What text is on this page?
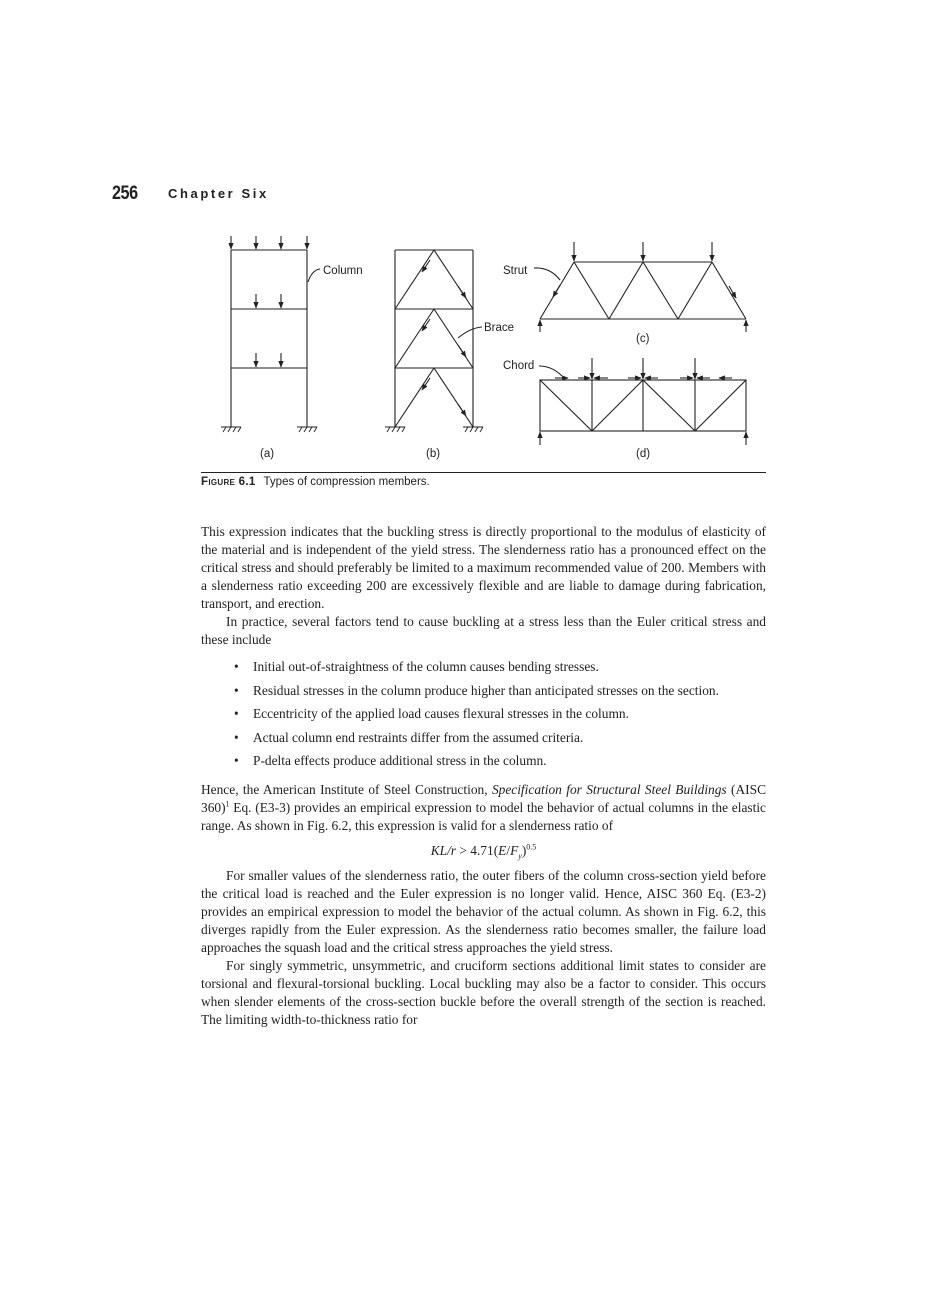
256 Chapter Six
Column
Brace
Strut
Chord
(a)	(b)
(c)
(d)
Figure 6.1 Types of compression members.

This expression indicates that the buckling stress is directly proportional to the modulus of elasticity of the material and is independent of the yield stress. The slenderness ratio has a pronounced effect on the critical stress and should preferably be limited to a maximum recommended value of 200. Members with a slenderness ratio exceeding 200 are excessively flexible and are liable to damage during fabrication, transport, and erection.

In practice, several factors tend to cause buckling at a stress less than the Euler critical stress and these include

• Initial out-of-straightness of the column causes bending stresses.
• Residual stresses in the column produce higher than anticipated stresses on the section.
• Eccentricity of the applied load causes flexural stresses in the column.
• Actual column end restraints differ from the assumed criteria.
• P-delta effects produce additional stress in the column.

Hence, the American Institute of Steel Construction, Specification for Structural Steel Buildings (AISC 360)$^1$ Eq. (E3-3) provides an empirical expression to model the behavior of actual columns in the elastic range. As shown in Fig. 6.2, this expression is valid for a slenderness ratio of

$KL/r > 4.71(E/F_y)^{0.5}$

For smaller values of the slenderness ratio, the outer fibers of the column cross-section yield before the critical load is reached and the Euler expression is no longer valid. Hence, AISC 360 Eq. (E3-2) provides an empirical expression to model the behavior of the actual column. As shown in Fig. 6.2, this diverges rapidly from the Euler expression. As the slenderness ratio becomes smaller, the failure load approaches the squash load and the critical stress approaches the yield stress.

For singly symmetric, unsymmetric, and cruciform sections additional limit states to consider are torsional and flexural-torsional buckling. Local buckling may also be a factor to consider. This occurs when slender elements of the cross-section buckle before the overall strength of the section is reached. The limiting width-to-thickness ratio for
